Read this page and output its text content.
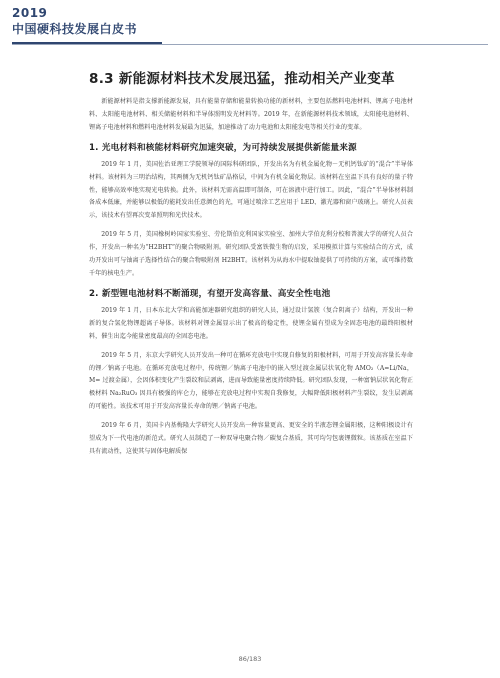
2019
中国硬科技发展白皮书
8.3 新能源材料技术发展迅猛，推动相关产业变革

新能源材料是指支撑新能源发展，具有能量存储和能量转换功能的新材料，主要包括燃料电池材料、锂离子电池材料、太阳能电池材料、相关储能材料和半导体照明发光材料等。2019 年，在新能源材料技术领域，太阳能电池材料、锂离子电池材料和燃料电池材料发展最为迅猛，加速推动了动力电池和太阳能发电等相关行业的变革。

1. 光电材料和核能材料研究加速突破，为可持续发展提供新能量来源

2019 年 1 月，美国佐治亚理工学院领导的国际科研团队，开发出名为有机金属化物－无机钙钛矿的“混合”半导体材料。该材料为三明治结构，其两侧为无机钙钛矿晶格层，中间为有机金属化物层。该材料在室温下具有良好的量子特性，能够高效率地实现光电转换。此外，该材料无需高温即可制备，可在溶液中进行加工。因此，“混合”半导体材料制备成本低廉，并能够以极低的能耗发出任意颜色的光，可通过喷涂工艺应用于 LED、激光器和窗户玻璃上。研究人员表示，该技术有望再次变革照明和光伏技术。

2019 年 5 月，美国橡树岭国家实验室、劳伦斯伯克利国家实验室、加州大学伯克利分校和普渡大学的研究人员合作，开发出一种名为“H2BHT”的聚合物吸附剂。研究团队受富铁微生物的启发，采用模拟计算与实验结合的方式，成功开发出可与铀离子选择性结合的聚合物吸附剂 H2BHT。该材料为从海水中提取铀提供了可持续的方案，或可维持数千年的核电生产。

2. 新型锂电池材料不断涌现，有望开发高容量、高安全性电池

2019 年 1 月，日本东北大学和高能加速器研究组织的研究人员，通过设计氢簇（复合阴离子）结构，开发出一种新的复合氢化物锂超离子导体。该材料对锂金属显示出了极高的稳定性，使锂金属有望成为全固态电池的最终阳极材料，催生出迄今能量密度最高的全固态电池。

2019 年 5 月，东京大学研究人员开发出一种可在循环充放电中实现自修复的阳极材料，可用于开发高容量长寿命的锂／钠离子电池。在循环充放电过程中，传统锂／钠离子电池中的嵌入型过渡金属层状氧化物 AMO₂（A=Li/Na，M= 过渡金属），会因体积变化产生裂纹和层剥离，进而导致能量密度持续降低。研究团队发现，一种富钠层状氧化物正极材料 Na₂RuO₃ 因具有极强的库仑力，能够在充放电过程中实现自我修复，大幅降低阳极材料产生裂纹，发生层剥离的可能性。该技术可用于开发高容量长寿命的锂／钠离子电池。

2019 年 6 月，美国卡内基梅隆大学研究人员开发出一种容量更高、更安全的半液态锂金属阳极，这种阳极设计有望成为下一代电池的新范式。研究人员制造了一种双导电聚合物／碳复合基质，其可均匀包裹锂微粒。该基质在室温下具有流动性，这使其与固体电解质保

86/183
